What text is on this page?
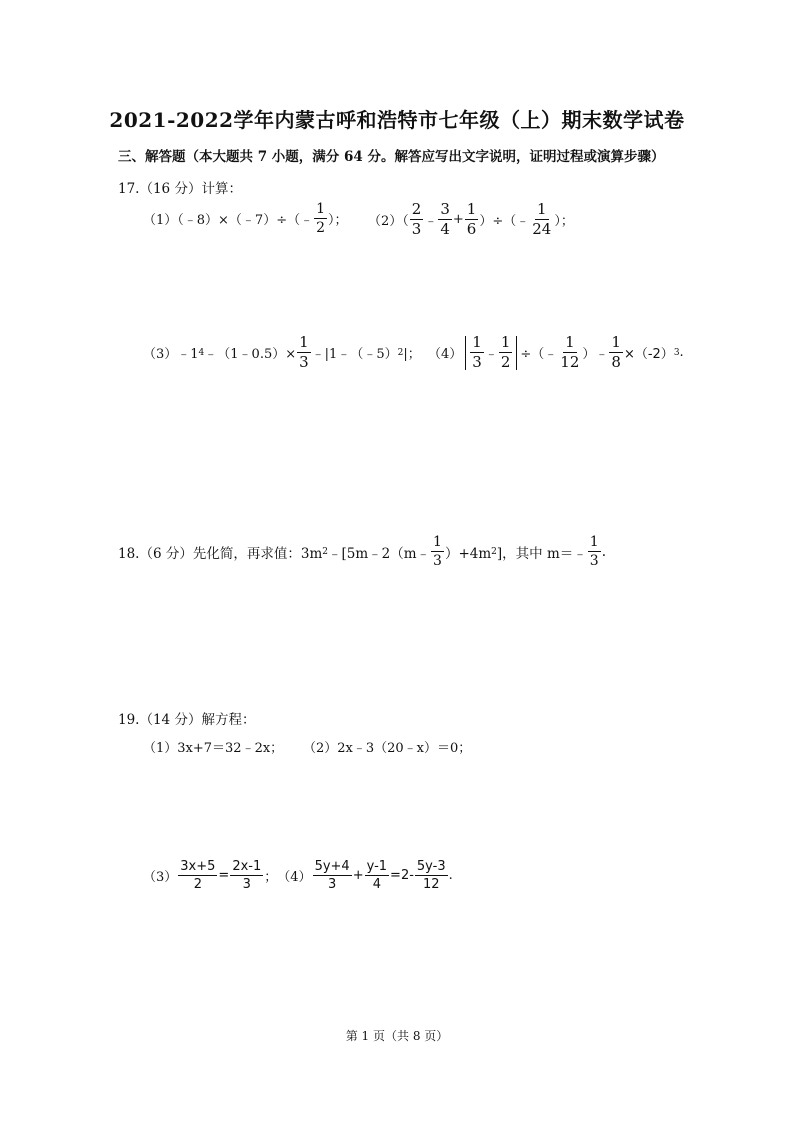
2021-2022学年内蒙古呼和浩特市七年级（上）期末数学试卷
三、解答题（本大题共 7 小题，满分 64 分。解答应写出文字说明，证明过程或演算步骤）
17.（16 分）计算：
（1）（﹣8）×（﹣7）÷（﹣ $\frac{1}{2}$ ）； $(2)( \frac{2}{3}$ ﹣ $\frac{3}{4} + \frac{1}{6}$ ）÷（﹣ $\frac{1}{24}$ ）；
（3）﹣1 4 ﹣（1﹣0.5）× $\frac{1}{3}$ ﹣|1﹣（﹣5） 2 |； $(4) \frac{1}{3}$ ﹣ $\frac{1}{2}$ ÷（﹣ $\frac{1}{12}$ ）﹣ $\frac{1}{8} \times(-2)$ 3 .
18.（6 分）先化简，再求值：3m 2 ﹣[5m﹣2（m﹣ $\frac{1}{3} )+4m$ 2 ]，其中 m＝﹣ $\frac{1}{3}$ .
19.（14 分）解方程：
（1）3x+7＝32﹣2x； （2）2x﹣3（20﹣x）＝0；
$(3) \frac{3x+5}{2} = \frac{2x-1}{3}$ ； $(4) \frac{5y+4}{3} + \frac{y-1}{4} =2- \frac{5y-3}{12}$ .
第 1 页（共 8 页）
